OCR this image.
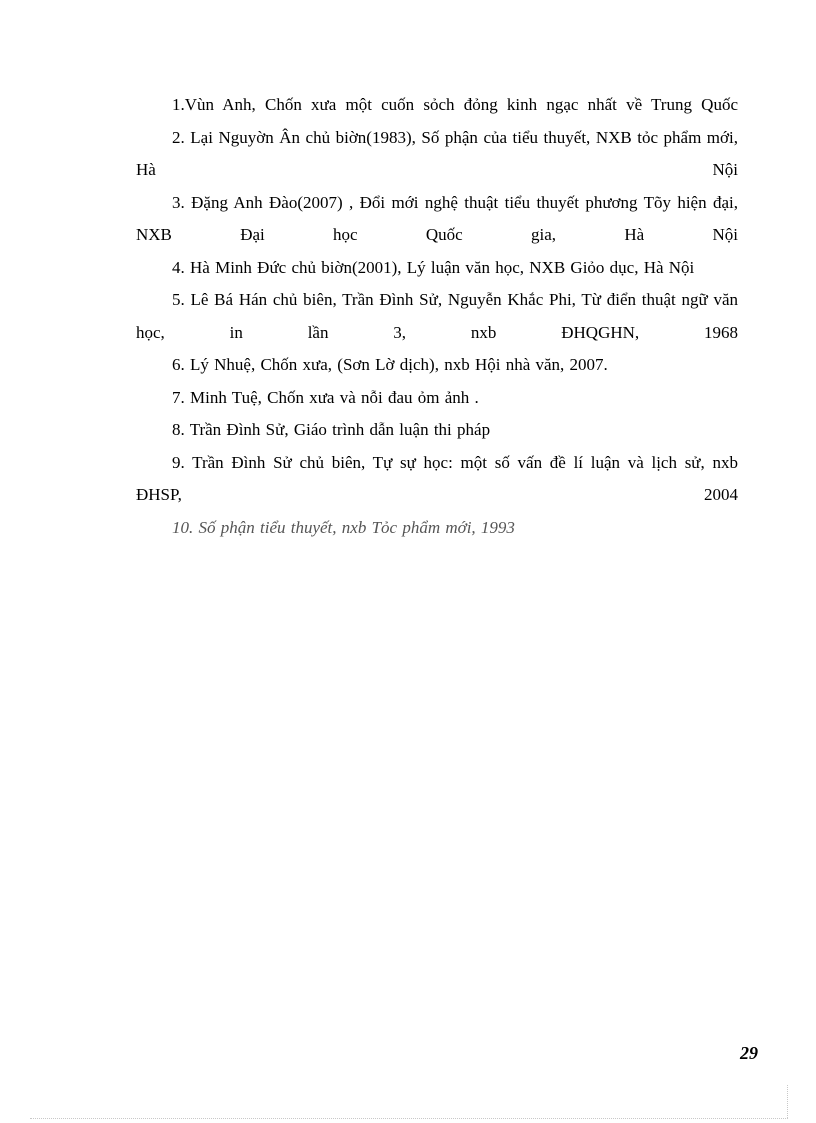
1.Vùn Anh, Chốn xưa một cuốn sỏch đỏng kinh ngạc nhất về Trung Quốc

2. Lại Nguyờn Ân chủ biờn(1983), Số phận của tiểu thuyết, NXB tỏc phẩm mới, Hà Nội

3. Đặng Anh Đào(2007) , Đổi mới nghệ thuật tiểu thuyết phương Tõy hiện đại, NXB Đại học Quốc gia, Hà Nội

4. Hà Minh Đức chủ biờn(2001), Lý luận văn học, NXB Giỏo dục, Hà Nội

5. Lê Bá Hán chủ biên, Trần Đình Sử, Nguyễn Khắc Phi, Từ điển thuật ngữ văn học, in lần 3, nxb ĐHQGHN, 1968

6. Lý Nhuệ, Chốn xưa, (Sơn Lờ dịch), nxb Hội nhà văn, 2007.

7. Minh Tuệ, Chốn xưa và nỗi đau ỏm ảnh .

8. Trần Đình Sử, Giáo trình dẫn luận thi pháp

9. Trần Đình Sử chủ biên, Tự sự học: một số vấn đề lí luận và lịch sử, nxb ĐHSP, 2004

10. Số phận tiểu thuyết, nxb Tỏc phẩm mới, 1993

29
